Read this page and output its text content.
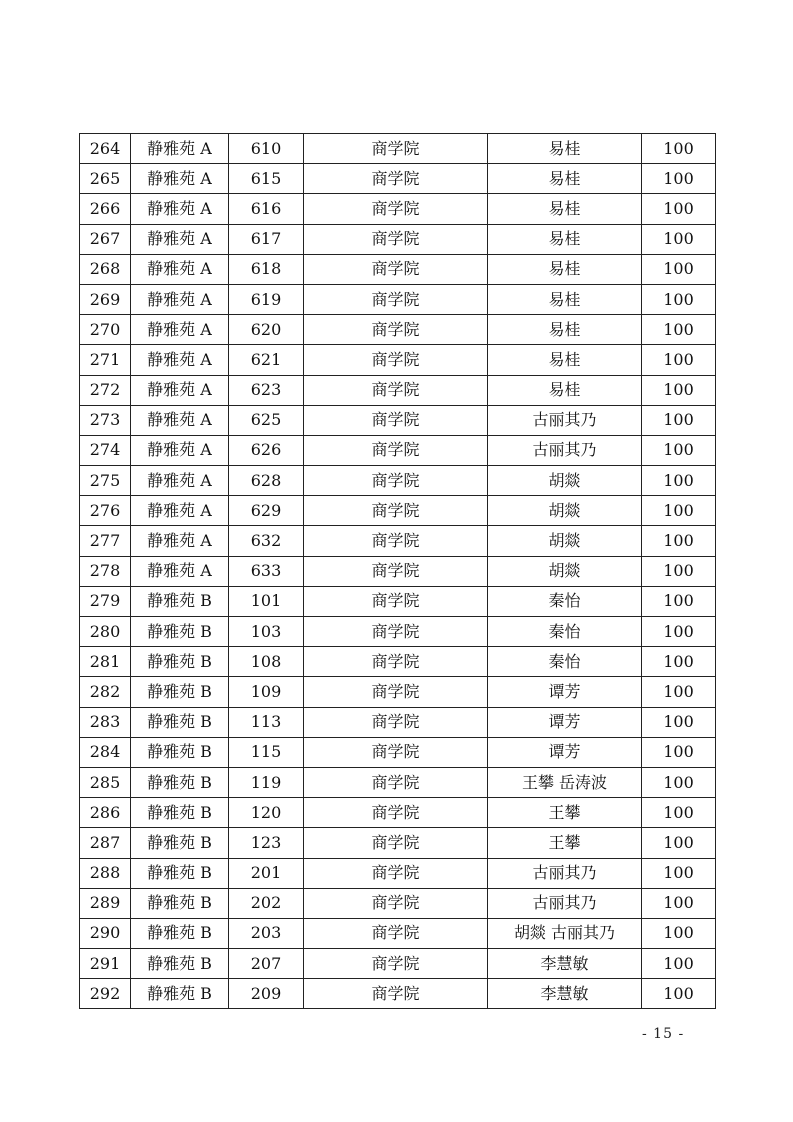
264	静雅苑 A	610	商学院	易桂	100
265	静雅苑 A	615	商学院	易桂	100
266	静雅苑 A	616	商学院	易桂	100
267	静雅苑 A	617	商学院	易桂	100
268	静雅苑 A	618	商学院	易桂	100
269	静雅苑 A	619	商学院	易桂	100
270	静雅苑 A	620	商学院	易桂	100
271	静雅苑 A	621	商学院	易桂	100
272	静雅苑 A	623	商学院	易桂	100
273	静雅苑 A	625	商学院	古丽其乃	100
274	静雅苑 A	626	商学院	古丽其乃	100
275	静雅苑 A	628	商学院	胡燚	100
276	静雅苑 A	629	商学院	胡燚	100
277	静雅苑 A	632	商学院	胡燚	100
278	静雅苑 A	633	商学院	胡燚	100
279	静雅苑 B	101	商学院	秦怡	100
280	静雅苑 B	103	商学院	秦怡	100
281	静雅苑 B	108	商学院	秦怡	100
282	静雅苑 B	109	商学院	谭芳	100
283	静雅苑 B	113	商学院	谭芳	100
284	静雅苑 B	115	商学院	谭芳	100
285	静雅苑 B	119	商学院	王攀 岳涛波	100
286	静雅苑 B	120	商学院	王攀	100
287	静雅苑 B	123	商学院	王攀	100
288	静雅苑 B	201	商学院	古丽其乃	100
289	静雅苑 B	202	商学院	古丽其乃	100
290	静雅苑 B	203	商学院	胡燚 古丽其乃	100
291	静雅苑 B	207	商学院	李慧敏	100
292	静雅苑 B	209	商学院	李慧敏	100
- 15 -
